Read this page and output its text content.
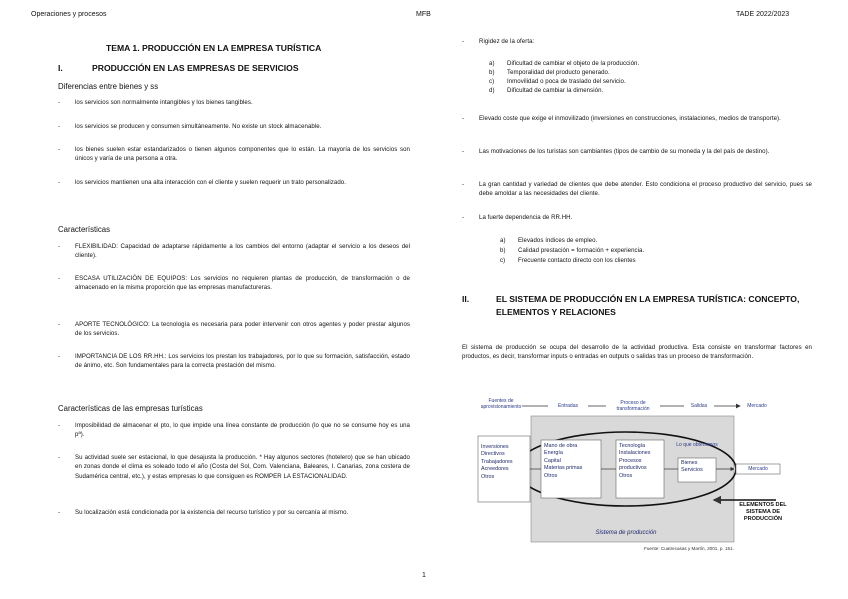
Operaciones y procesos	MFB	TADE 2022/2023
TEMA 1. PRODUCCIÓN EN LA EMPRESA TURÍSTICA
I.	PRODUCCIÓN EN LAS EMPRESAS DE SERVICIOS
Diferencias entre bienes y ss
- los servicios son normalmente intangibles y los bienes tangibles.
- los servicios se producen y consumen simultáneamente. No existe un stock almacenable.
- los bienes suelen estar estandarizados o tienen algunos componentes que lo están. La mayoría de los servicios son únicos y varía de una persona a otra.
- los servicios mantienen una alta interacción con el cliente y suelen requerir un trato personalizado.
Características
- FLEXIBILIDAD: Capacidad de adaptarse rápidamente a los cambios del entorno (adaptar el servicio a los deseos del cliente).
- ESCASA UTILIZACIÓN DE EQUIPOS: Los servicios no requieren plantas de producción, de transformación o de almacenado en la misma proporción que las empresas manufactureras.
- APORTE TECNOLÓGICO: La tecnología es necesaria para poder intervenir con otros agentes y poder prestar algunos de los servicios.
- IMPORTANCIA DE LOS RR.HH.: Los servicios los prestan los trabajadores, por lo que su formación, satisfacción, estado de ánimo, etc. Son fundamentales para la correcta prestación del mismo.
Características de las empresas turísticas
- Imposibilidad de almacenar el pto, lo que impide una línea constante de producción (lo que no se consume hoy es una pª).
- Su actividad suele ser estacional, lo que desajusta la producción. * Hay algunos sectores (hotelero) que se han ubicado en zonas donde el clima es soleado todo el año (Costa del Sol, Com. Valenciana, Baleares, I. Canarias, zona costera de Sudamérica central, etc.), y estas empresas lo que consiguen es ROMPER LA ESTACIONALIDAD.
- Su localización está condicionada por la existencia del recurso turístico y por su cercanía al mismo.
- Rigidez de la oferta:
a) Dificultad de cambiar el objeto de la producción.
b) Temporalidad del producto generado.
c) Inmovilidad o poca de traslado del servicio.
d) Dificultad de cambiar la dimensión.
- Elevado coste que exige el inmovilizado (inversiones en construcciones, instalaciones, medios de transporte).
- Las motivaciones de los turistas son cambiantes (tipos de cambio de su moneda y la del país de destino).
- La gran cantidad y variedad de clientes que debe atender. Esto condiciona el proceso productivo del servicio, pues se debe amoldar a las necesidades del cliente.
- La fuerte dependencia de RR.HH.
a) Elevados índices de empleo.
b) Calidad prestación = formación + experiencia.
c) Frecuente contacto directo con los clientes
II.	EL SISTEMA DE PRODUCCIÓN EN LA EMPRESA TURÍSTICA: CONCEPTO,
ELEMENTOS Y RELACIONES
El sistema de producción se ocupa del desarrollo de la actividad productiva. Esta consiste en transformar factores en productos, es decir, transformar inputs o entradas en outputs o salidas tras un proceso de transformación.
Fuentes de aprovisionamiento	Entradas	Proceso de transformación	Salidas	Mercado
Inversiones
Directivos
Trabajadores
Acreedores
Otros
Mano de obra
Energía
Capital
Materias primas
Otros
Tecnología
Instalaciones
Procesos productivos
Otros
Lo que obtenemos
Bienes
Servicios	Mercado
Sistema de producción
ELEMENTOS DEL SISTEMA DE PRODUCCIÓN
Fuente: Cuatrecasas y Martín, 2001, p. 151.
1
